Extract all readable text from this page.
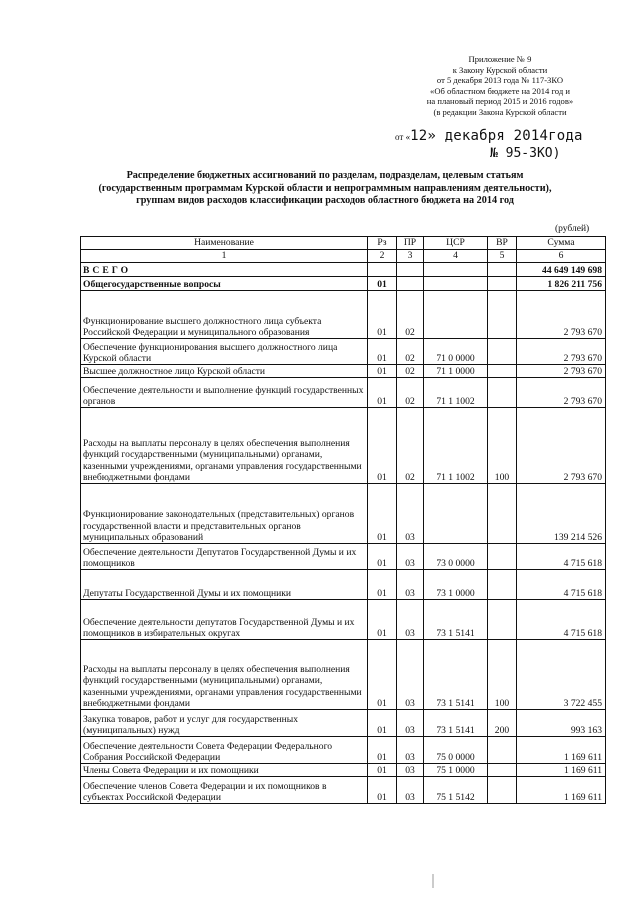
Приложение № 9
к Закону Курской области
от 5 декабря 2013 года № 117-ЗКО
«Об областном бюджете на 2014 год и
на плановый период 2015 и 2016 годов»
(в редакции Закона Курской области
от «12» декабря 2014года
№ 95-ЗКО)
Распределение бюджетных ассигнований по разделам, подразделам, целевым статьям
(государственным программам Курской области и непрограммным направлениям деятельности),
группам видов расходов классификации расходов областного бюджета на 2014 год
(рублей)
Наименование	Рз	ПР	ЦСР	ВР	Сумма
1	2	3	4	5	6
ВСЕГО					44 649 149 698
Общегосударственные вопросы	01				1 826 211 756
Функционирование высшего должностного лица субъекта Российской Федерации и муниципального образования	01	02			2 793 670
Обеспечение функционирования высшего должностного лица Курской области	01	02	71 0 0000		2 793 670
Высшее должностное лицо Курской области	01	02	71 1 0000		2 793 670
Обеспечение деятельности и выполнение функций государственных органов	01	02	71 1 1002		2 793 670
Расходы на выплаты персоналу в целях обеспечения выполнения функций государственными (муниципальными) органами, казенными учреждениями, органами управления государственными внебюджетными фондами	01	02	71 1 1002	100	2 793 670
Функционирование законодательных (представительных) органов государственной власти и представительных органов муниципальных образований	01	03			139 214 526
Обеспечение деятельности Депутатов Государственной Думы и их помощников	01	03	73 0 0000		4 715 618
Депутаты Государственной Думы и их помощники	01	03	73 1 0000		4 715 618
Обеспечение деятельности депутатов Государственной Думы и их помощников в избирательных округах	01	03	73 1 5141		4 715 618
Расходы на выплаты персоналу в целях обеспечения выполнения функций государственными (муниципальными) органами, казенными учреждениями, органами управления государственными внебюджетными фондами	01	03	73 1 5141	100	3 722 455
Закупка товаров, работ и услуг для государственных (муниципальных) нужд	01	03	73 1 5141	200	993 163
Обеспечение деятельности Совета Федерации Федерального Собрания Российской Федерации	01	03	75 0 0000		1 169 611
Члены Совета Федерации и их помощники	01	03	75 1 0000		1 169 611
Обеспечение членов Совета Федерации и их помощников в субъектах Российской Федерации	01	03	75 1 5142		1 169 611
